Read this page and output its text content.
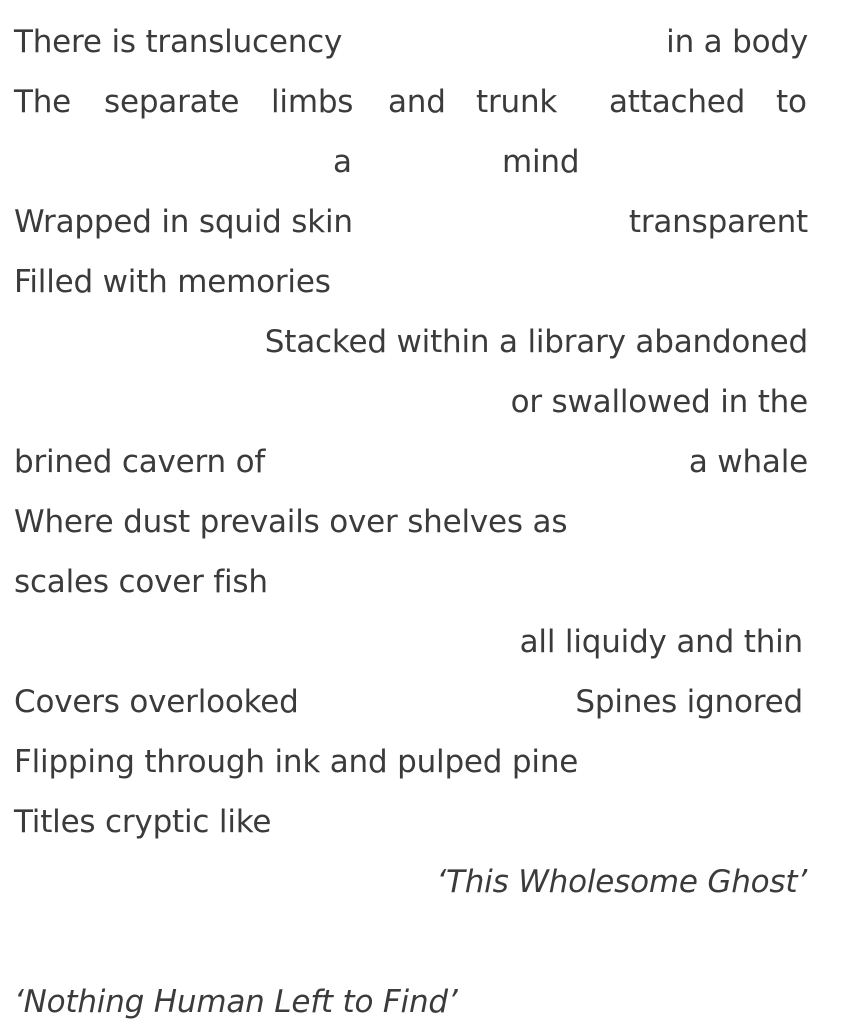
There is translucency	in a body
The separate limbs and trunk attached to
a	mind
Wrapped in squid skin	transparent
Filled with memories
Stacked within a library abandoned
or swallowed in the
brined cavern of	a whale
Where dust prevails over shelves as
scales cover fish
all liquidy and thin
Covers overlooked	Spines ignored
Flipping through ink and pulped pine
Titles cryptic like
‘This Wholesome Ghost’
‘Nothing Human Left to Find’
